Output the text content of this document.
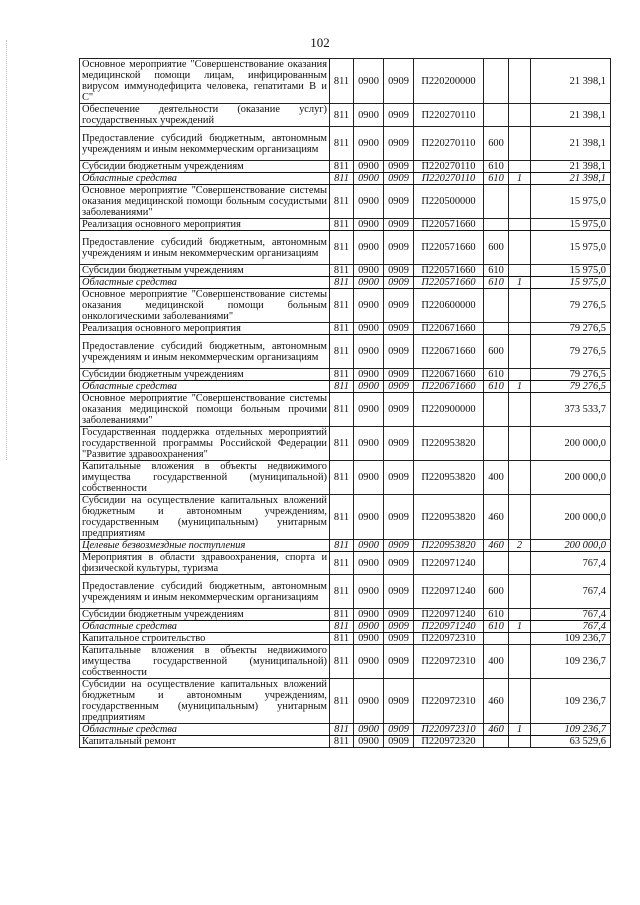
102
Основное мероприятие "Совершенствование оказания медицинской помощи лицам, инфицированным вирусом иммунодефицита человека, гепатитами В и С"	811	0900	0909	П220200000			21 398,1
Обеспечение деятельности (оказание услуг) государственных учреждений	811	0900	0909	П220270110			21 398,1
Предоставление субсидий бюджетным, автономным учреждениям и иным некоммерческим организациям	811	0900	0909	П220270110	600		21 398,1
Субсидии бюджетным учреждениям	811	0900	0909	П220270110	610		21 398,1
Областные средства	811	0900	0909	П220270110	610	1	21 398,1
Основное мероприятие "Совершенствование системы оказания медицинской помощи больным сосудистыми заболеваниями"	811	0900	0909	П220500000			15 975,0
Реализация основного мероприятия	811	0900	0909	П220571660			15 975,0
Предоставление субсидий бюджетным, автономным учреждениям и иным некоммерческим организациям	811	0900	0909	П220571660	600		15 975,0
Субсидии бюджетным учреждениям	811	0900	0909	П220571660	610		15 975,0
Областные средства	811	0900	0909	П220571660	610	1	15 975,0
Основное мероприятие "Совершенствование системы оказания медицинской помощи больным онкологическими заболеваниями"	811	0900	0909	П220600000			79 276,5
Реализация основного мероприятия	811	0900	0909	П220671660			79 276,5
Предоставление субсидий бюджетным, автономным учреждениям и иным некоммерческим организациям	811	0900	0909	П220671660	600		79 276,5
Субсидии бюджетным учреждениям	811	0900	0909	П220671660	610		79 276,5
Областные средства	811	0900	0909	П220671660	610	1	79 276,5
Основное мероприятие "Совершенствование системы оказания медицинской помощи больным прочими заболеваниями"	811	0900	0909	П220900000			373 533,7
Государственная поддержка отдельных мероприятий государственной программы Российской Федерации "Развитие здравоохранения"	811	0900	0909	П220953820			200 000,0
Капитальные вложения в объекты недвижимого имущества государственной (муниципальной) собственности	811	0900	0909	П220953820	400		200 000,0
Субсидии на осуществление капитальных вложений бюджетным и автономным учреждениям, государственным (муниципальным) унитарным предприятиям	811	0900	0909	П220953820	460		200 000,0
Целевые безвозмездные поступления	811	0900	0909	П220953820	460	2	200 000,0
Мероприятия в области здравоохранения, спорта и физической культуры, туризма	811	0900	0909	П220971240			767,4
Предоставление субсидий бюджетным, автономным учреждениям и иным некоммерческим организациям	811	0900	0909	П220971240	600		767,4
Субсидии бюджетным учреждениям	811	0900	0909	П220971240	610		767,4
Областные средства	811	0900	0909	П220971240	610	1	767,4
Капитальное строительство	811	0900	0909	П220972310			109 236,7
Капитальные вложения в объекты недвижимого имущества государственной (муниципальной) собственности	811	0900	0909	П220972310	400		109 236,7
Субсидии на осуществление капитальных вложений бюджетным и автономным учреждениям, государственным (муниципальным) унитарным предприятиям	811	0900	0909	П220972310	460		109 236,7
Областные средства	811	0900	0909	П220972310	460	1	109 236,7
Капитальный ремонт	811	0900	0909	П220972320			63 529,6
